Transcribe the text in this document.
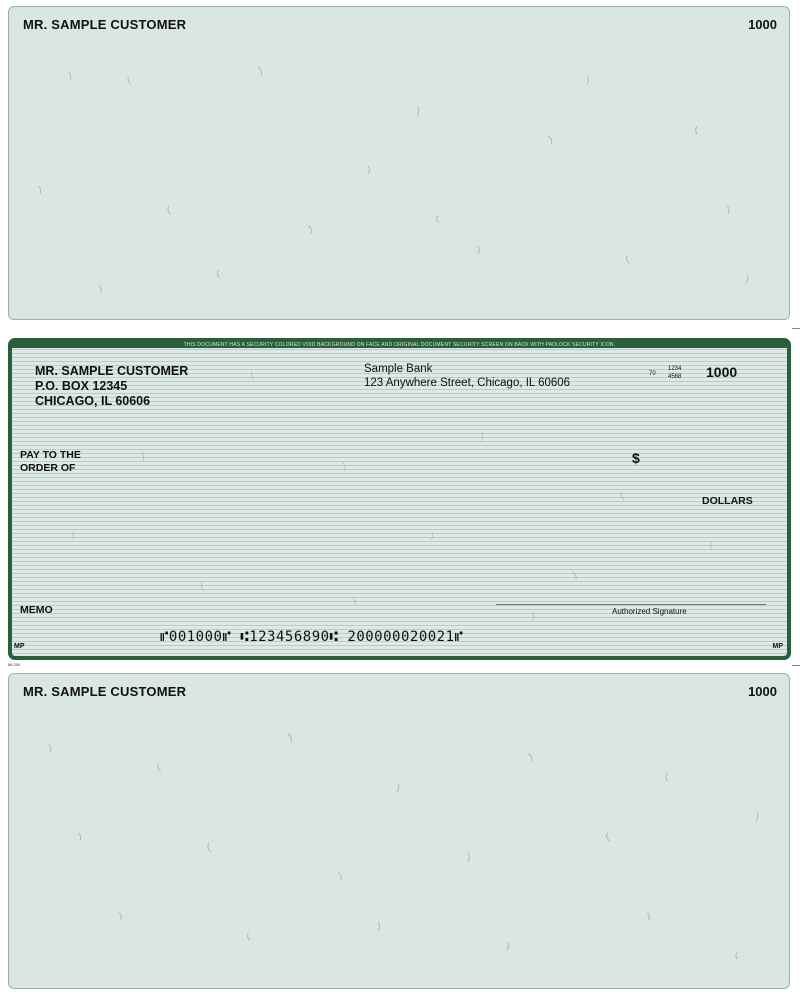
MR. SAMPLE CUSTOMER	1000
THIS DOCUMENT HAS A SECURITY COLORED VOID BACKGROUND ON FACE AND ORIGINAL DOCUMENT SECURITY SCREEN ON BACK WITH PADLOCK SECURITY ICON.
MR. SAMPLE CUSTOMER
P.O. BOX 12345
CHICAGO, IL 60606
Sample Bank
123 Anywhere Street, Chicago, IL 60606
70
1234
4568 1000
PAY TO THE
ORDER OF
$
DOLLARS
MEMO	Authorized Signature
⑈001000⑈ ⑆123456890⑆ 200000020021⑈
MP	MP
ML200
MR. SAMPLE CUSTOMER	1000
